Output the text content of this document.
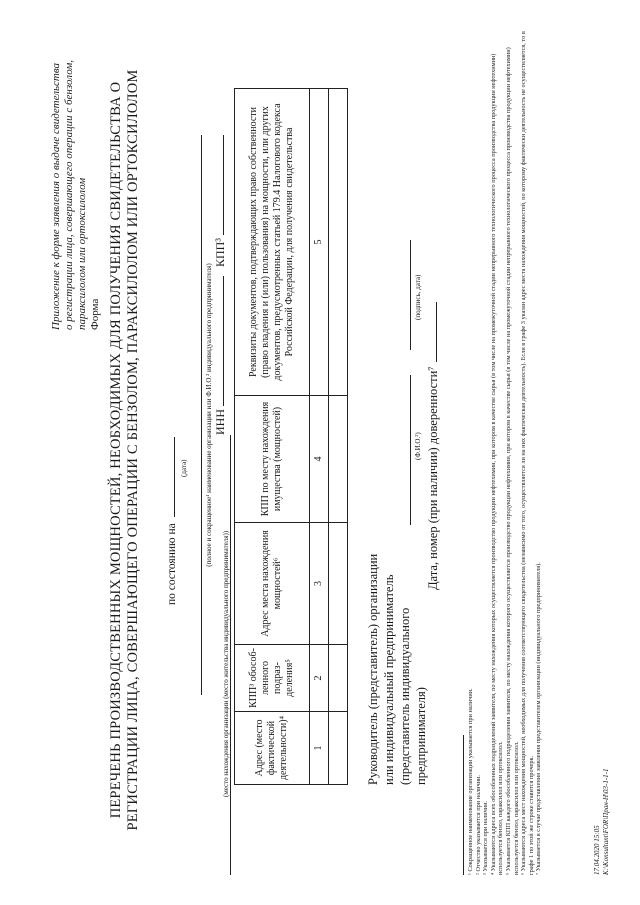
Приложение к форме заявления о выдаче свидетельства о регистрации лица, совершающего операции с бензолом, параксилолом или ортоксилолом Форма ПЕРЕЧЕНЬ ПРОИЗВОДСТВЕННЫХ МОЩНОСТЕЙ, НЕОБХОДИМЫХ ДЛЯ ПОЛУЧЕНИЯ СВИДЕТЕЛЬСТВА О РЕГИСТРАЦИИ ЛИЦА, СОВЕРШАЮЩЕГО ОПЕРАЦИИ С БЕНЗОЛОМ, ПАРАКСИЛОЛОМ ИЛИ ОРТОКСИЛОЛОМ по состоянию на
(дата) (полное и сокращенное¹ наименование организации или Ф.И.О.² индивидуального предпринимателя) ИНН  КПП³
(место нахождения организации (место жительства индивидуального предпринимателя)) Адрес (место фактической деятельности)⁴	КПП³ обособ-ленного подраз-деления⁵	Адрес места нахождения мощностей⁶	КПП по месту нахождения имущества (мощностей)	Реквизиты документов, подтверждающих право собственности (право владения и (или) пользования) на мощности, или других документов, предусмотренных статьей 179.4 Налогового кодекса Российской Федерации, для получения свидетельства
1	2	3	4	5

Руководитель (представитель) организации или индивидуальный предприниматель (представитель индивидуального предпринимателя)
(Ф.И.О.²)
(подпись, дата)
Дата, номер (при наличии) доверенности⁷
¹ Сокращенное наименование организации указывается при наличии. ² Отчество указывается при наличии. ³ Указывается при наличии. ⁴ Указываются адреса всех обособленных подразделений заявителя, по месту нахождения которых осуществляется производство продукции нефтехимии, при котором в качестве сырья (в том числе на промежуточной стадии непрерывного технологического процесса производства продукции нефтехимии) используется бензол, параксилол или ортоксилол. ⁵ Указывается КПП каждого обособленного подразделения заявителя, по месту нахождения которого осуществляется производство продукции нефтехимии, при котором в качестве сырья (в том числе на промежуточной стадии непрерывного технологического процесса производства продукции нефтехимии) используется бензол, параксилол или ортоксилол. ⁶ Указываются адреса мест нахождения мощностей, необходимых для получения соответствующего свидетельства (независимо от того, осуществляется ли на них фактическая деятельность). Если в графе 3 указан адрес места нахождения мощностей, по которому фактически деятельность не осуществляется, то в графе 1 по этой же строке ставится прочерк. ⁷ Указывается в случае представления заявления представителем организации (индивидуального предпринимателя).	17.04.2020 15:05 К:\Konsultant\FOR\Пран-Н\03-1-1-1
